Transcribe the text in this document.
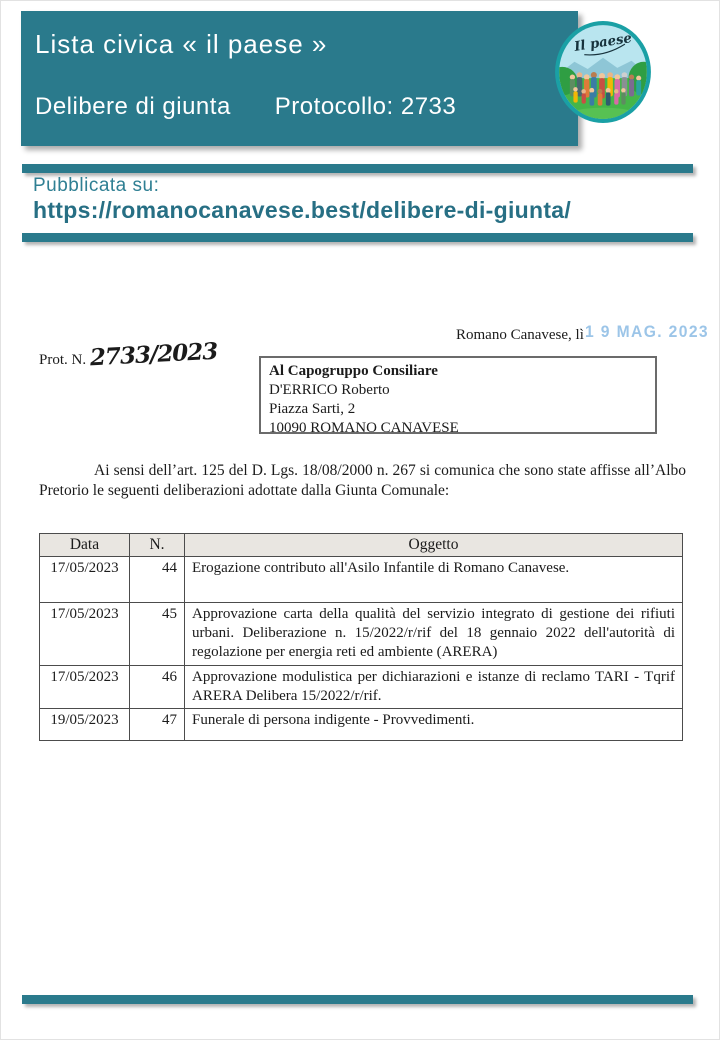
Lista civica « il paese »
Delibere di giunta Protocollo: 2733
Il paese
Pubblicata su:
https://romanocanavese.best/delibere-di-giunta/
Romano Canavese, lì 1 9 MAG. 2023
Prot. N. 2733/2023	Al Capogruppo Consiliare
D'ERRICO Roberto
Piazza Sarti, 2
10090 ROMANO CANAVESE
Ai sensi dell’art. 125 del D. Lgs. 18/08/2000 n. 267 si comunica che sono state affisse all’Albo Pretorio le seguenti deliberazioni adottate dalla Giunta Comunale:
Data	N.	Oggetto
17/05/2023	44	Erogazione contributo all'Asilo Infantile di Romano Canavese.
17/05/2023	45	Approvazione carta della qualità del servizio integrato di gestione dei rifiuti urbani. Deliberazione n. 15/2022/r/rif del 18 gennaio 2022 dell'autorità di regolazione per energia reti ed ambiente (ARERA)
17/05/2023	46	Approvazione modulistica per dichiarazioni e istanze di reclamo TARI - Tqrif ARERA Delibera 15/2022/r/rif.
19/05/2023	47	Funerale di persona indigente - Provvedimenti.
